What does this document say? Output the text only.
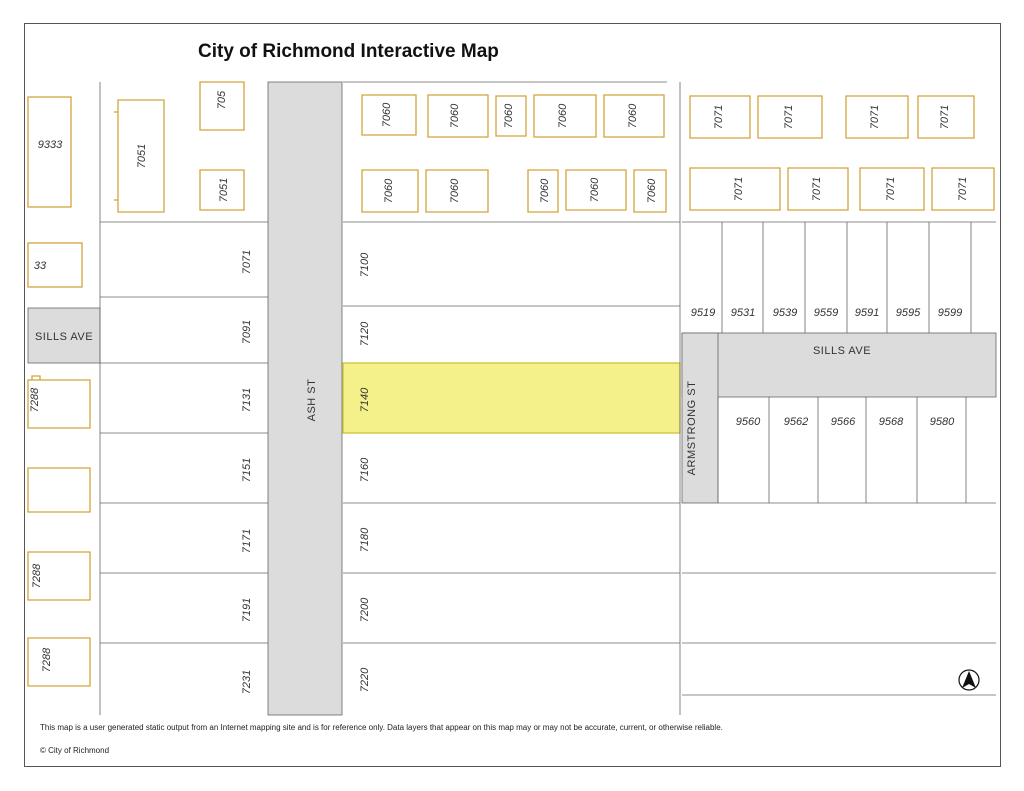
City of Richmond Interactive Map
ASH ST
SILLS AVE
SILLS AVE
ARMSTRONG ST
9333	7051
705
7051
33
7288
7288
7288
7071
7091
7131
7151
7171
7191
7231
7100
7120
7140
7160
7180
7200
7220
7060	7060	7060	7060	7060
7060	7060	7060	7060	7060
7071	7071	7071	7071
7071	7071	7071	7071
9519 9531 9539 9559 9591 9595 9599
9560 9562 9566 9568 9580
This map is a user generated static output from an Internet mapping site and is for reference only. Data layers that appear on this map may or may not be accurate, current, or otherwise reliable.
© City of Richmond
